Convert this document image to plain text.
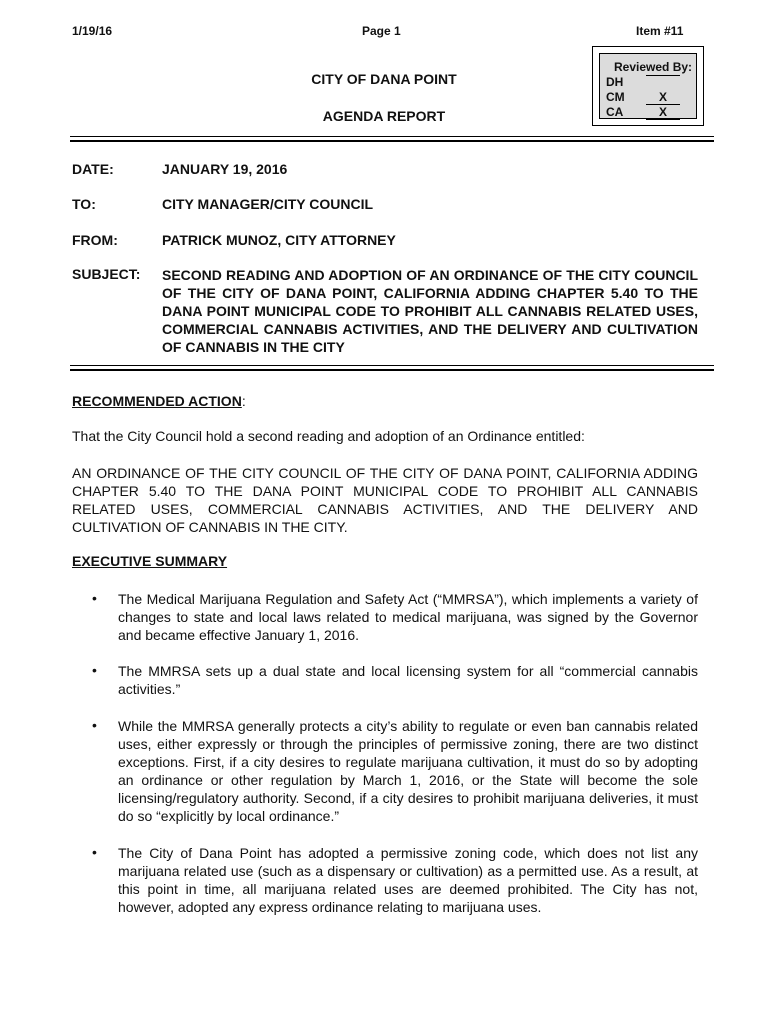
1/19/16	Page 1	Item #11
CITY OF DANA POINT
AGENDA REPORT
Reviewed By:
DH
CM	X
CA	X
DATE:	JANUARY 19, 2016
TO:	CITY MANAGER/CITY COUNCIL
FROM:	PATRICK MUNOZ, CITY ATTORNEY
SUBJECT: SECOND READING AND ADOPTION OF AN ORDINANCE OF THE CITY COUNCIL OF THE CITY OF DANA POINT, CALIFORNIA ADDING CHAPTER 5.40 TO THE DANA POINT MUNICIPAL CODE TO PROHIBIT ALL CANNABIS RELATED USES, COMMERCIAL CANNABIS ACTIVITIES, AND THE DELIVERY AND CULTIVATION OF CANNABIS IN THE CITY
RECOMMENDED ACTION:
That the City Council hold a second reading and adoption of an Ordinance entitled:
AN ORDINANCE OF THE CITY COUNCIL OF THE CITY OF DANA POINT, CALIFORNIA ADDING CHAPTER 5.40 TO THE DANA POINT MUNICIPAL CODE TO PROHIBIT ALL CANNABIS RELATED USES, COMMERCIAL CANNABIS ACTIVITIES, AND THE DELIVERY AND CULTIVATION OF CANNABIS IN THE CITY.
EXECUTIVE SUMMARY
• The Medical Marijuana Regulation and Safety Act (“MMRSA”), which implements a variety of changes to state and local laws related to medical marijuana, was signed by the Governor and became effective January 1, 2016.
• The MMRSA sets up a dual state and local licensing system for all “commercial cannabis activities.”
• While the MMRSA generally protects a city’s ability to regulate or even ban cannabis related uses, either expressly or through the principles of permissive zoning, there are two distinct exceptions. First, if a city desires to regulate marijuana cultivation, it must do so by adopting an ordinance or other regulation by March 1, 2016, or the State will become the sole licensing/regulatory authority. Second, if a city desires to prohibit marijuana deliveries, it must do so “explicitly by local ordinance.”
• The City of Dana Point has adopted a permissive zoning code, which does not list any marijuana related use (such as a dispensary or cultivation) as a permitted use. As a result, at this point in time, all marijuana related uses are deemed prohibited. The City has not, however, adopted any express ordinance relating to marijuana uses.
